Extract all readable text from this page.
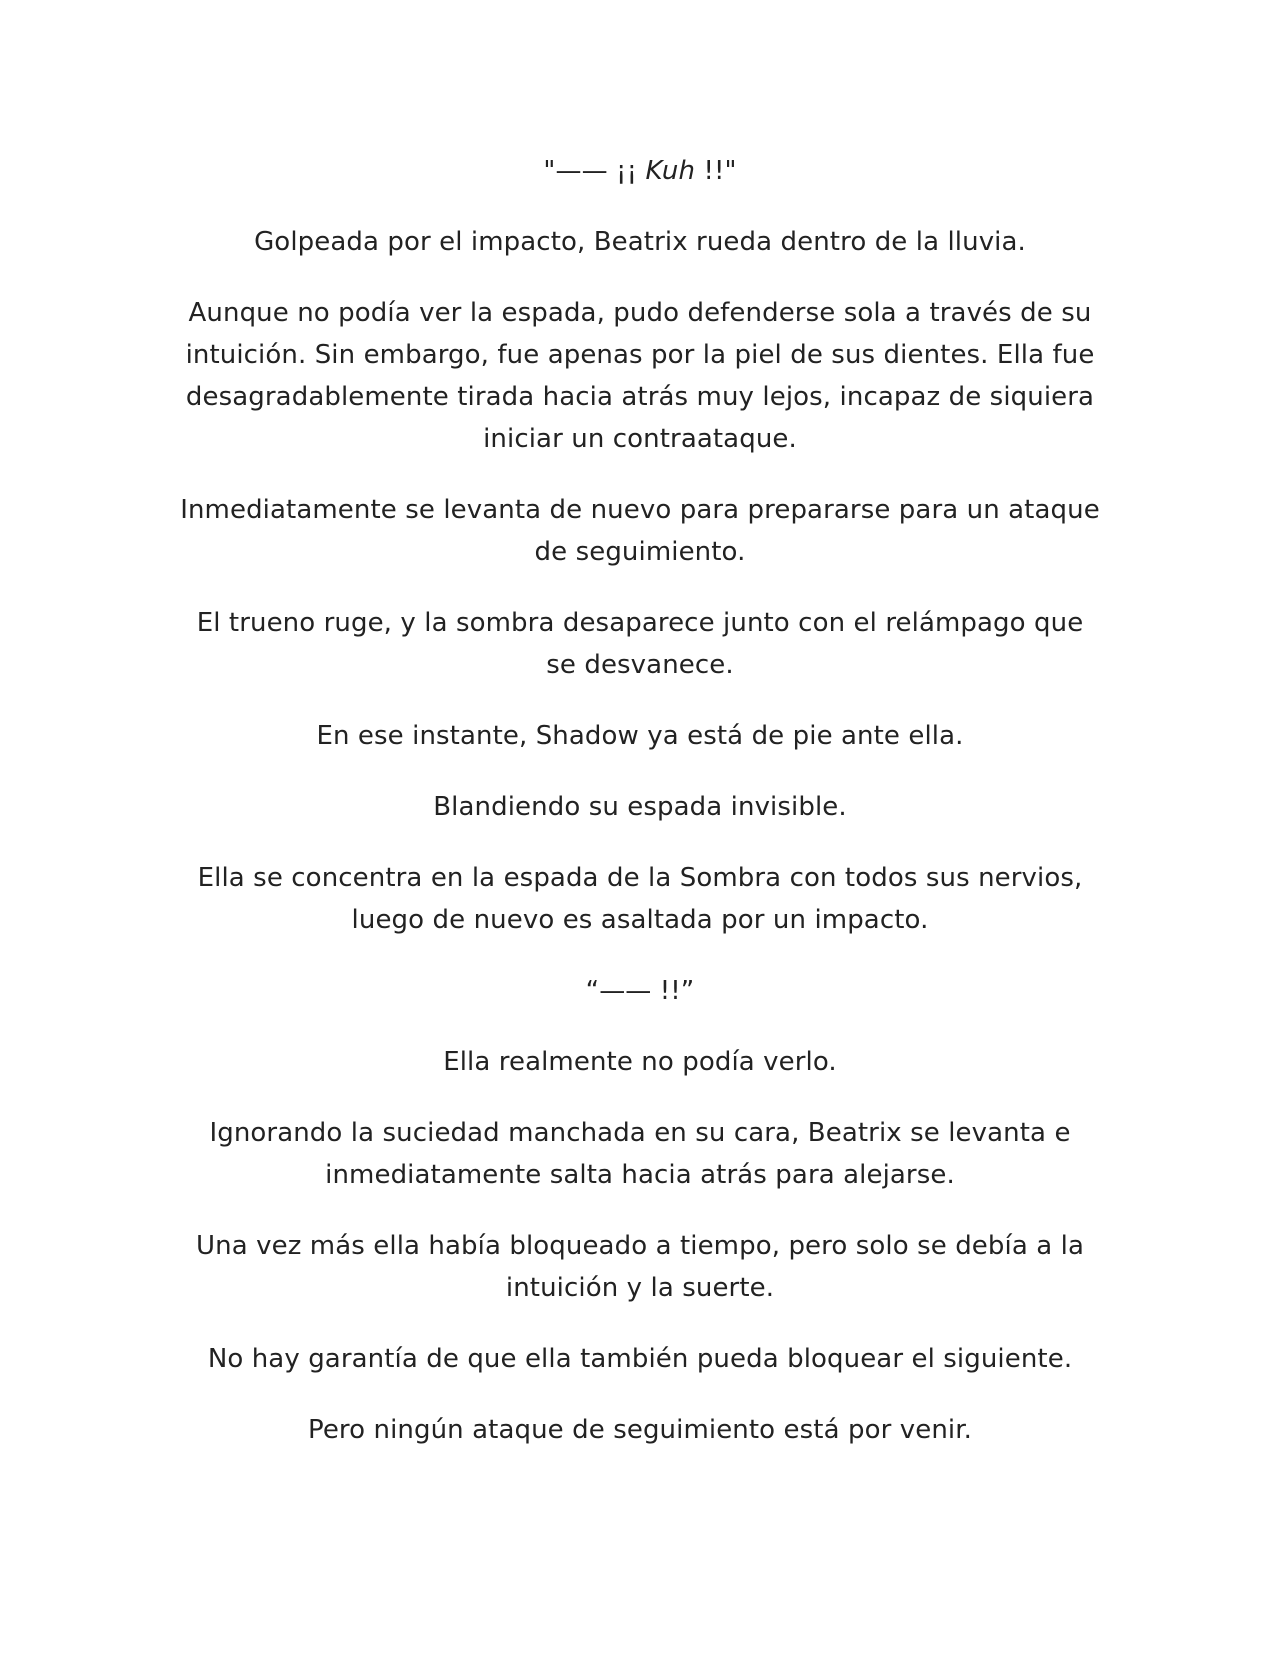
"—— ¡¡ Kuh !!"

Golpeada por el impacto, Beatrix rueda dentro de la lluvia.

Aunque no podía ver la espada, pudo defenderse sola a través de su intuición. Sin embargo, fue apenas por la piel de sus dientes. Ella fue desagradablemente tirada hacia atrás muy lejos, incapaz de siquiera iniciar un contraataque.

Inmediatamente se levanta de nuevo para prepararse para un ataque de seguimiento.

El trueno ruge, y la sombra desaparece junto con el relámpago que se desvanece.

En ese instante, Shadow ya está de pie ante ella.

Blandiendo su espada invisible.

Ella se concentra en la espada de la Sombra con todos sus nervios, luego de nuevo es asaltada por un impacto.

“—— !!”

Ella realmente no podía verlo.

Ignorando la suciedad manchada en su cara, Beatrix se levanta e inmediatamente salta hacia atrás para alejarse.

Una vez más ella había bloqueado a tiempo, pero solo se debía a la intuición y la suerte.

No hay garantía de que ella también pueda bloquear el siguiente.

Pero ningún ataque de seguimiento está por venir.
